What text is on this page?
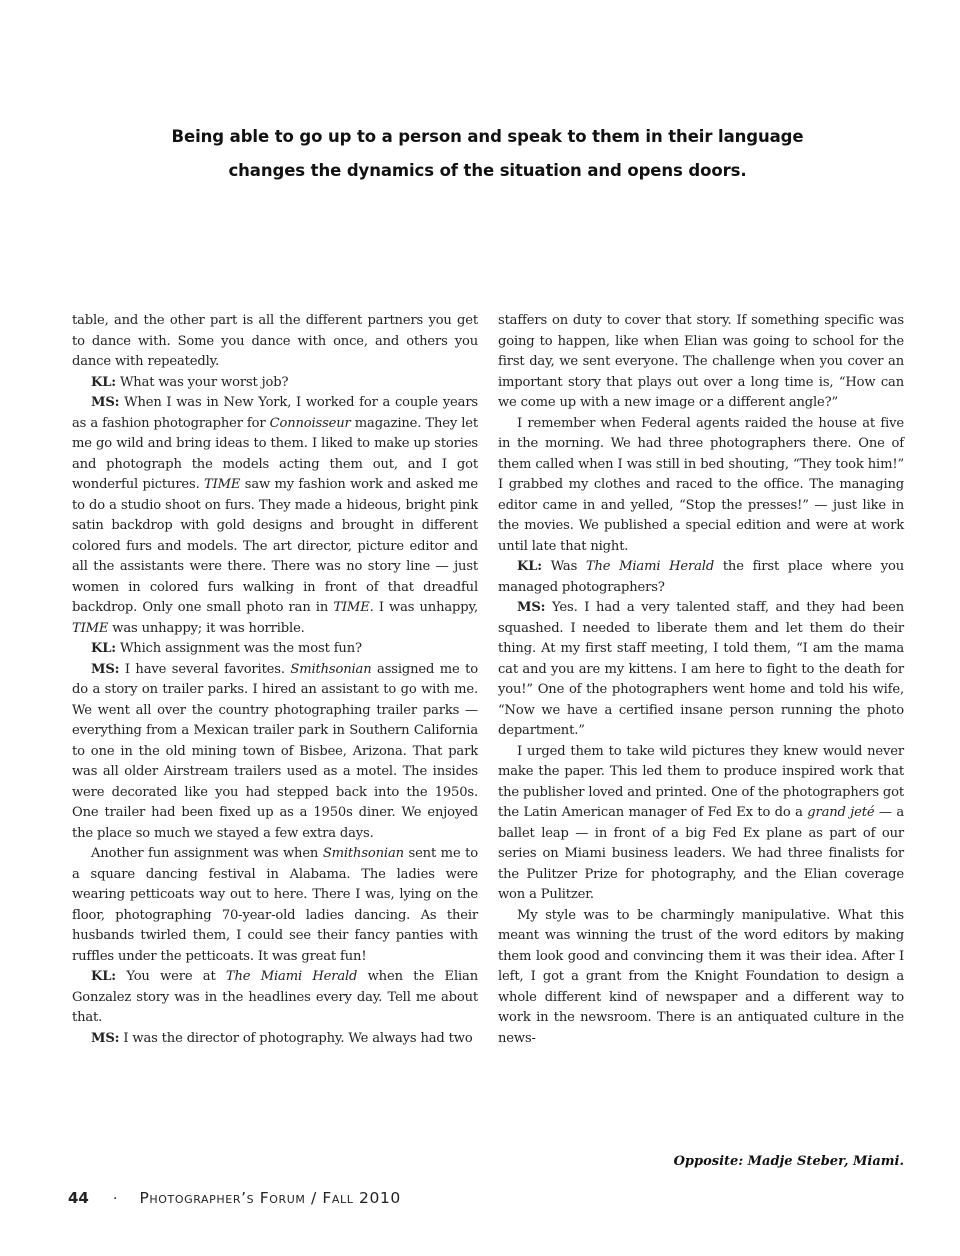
Being able to go up to a person and speak to them in their language
changes the dynamics of the situation and opens doors.

table, and the other part is all the different partners you get to dance with. Some you dance with once, and others you dance with repeatedly.

KL: What was your worst job?

MS: When I was in New York, I worked for a couple years as a fashion photographer for Connoisseur magazine. They let me go wild and bring ideas to them. I liked to make up stories and photograph the models acting them out, and I got wonderful pictures. TIME saw my fashion work and asked me to do a studio shoot on furs. They made a hideous, bright pink satin backdrop with gold designs and brought in different colored furs and models. The art director, picture editor and all the assistants were there. There was no story line — just women in colored furs walking in front of that dreadful backdrop. Only one small photo ran in TIME. I was unhappy, TIME was unhappy; it was horrible.

KL: Which assignment was the most fun?

MS: I have several favorites. Smithsonian assigned me to do a story on trailer parks. I hired an assistant to go with me. We went all over the country photographing trailer parks — everything from a Mexican trailer park in Southern California to one in the old mining town of Bisbee, Arizona. That park was all older Airstream trailers used as a motel. The insides were decorated like you had stepped back into the 1950s. One trailer had been fixed up as a 1950s diner. We enjoyed the place so much we stayed a few extra days.

Another fun assignment was when Smithsonian sent me to a square dancing festival in Alabama. The ladies were wearing petticoats way out to here. There I was, lying on the floor, photographing 70-year-old ladies dancing. As their husbands twirled them, I could see their fancy panties with ruffles under the petticoats. It was great fun!

KL: You were at The Miami Herald when the Elian Gonzalez story was in the headlines every day. Tell me about that.

MS: I was the director of photography. We always had two

staffers on duty to cover that story. If something specific was going to happen, like when Elian was going to school for the first day, we sent everyone. The challenge when you cover an important story that plays out over a long time is, “How can we come up with a new image or a different angle?”

I remember when Federal agents raided the house at five in the morning. We had three photographers there. One of them called when I was still in bed shouting, “They took him!” I grabbed my clothes and raced to the office. The managing editor came in and yelled, “Stop the presses!” — just like in the movies. We published a special edition and were at work until late that night.

KL: Was The Miami Herald the first place where you managed photographers?

MS: Yes. I had a very talented staff, and they had been squashed. I needed to liberate them and let them do their thing. At my first staff meeting, I told them, “I am the mama cat and you are my kittens. I am here to fight to the death for you!” One of the photographers went home and told his wife, “Now we have a certified insane person running the photo department.”

I urged them to take wild pictures they knew would never make the paper. This led them to produce inspired work that the publisher loved and printed. One of the photographers got the Latin American manager of Fed Ex to do a grand jeté — a ballet leap — in front of a big Fed Ex plane as part of our series on Miami business leaders. We had three finalists for the Pulitzer Prize for photography, and the Elian coverage won a Pulitzer.

My style was to be charmingly manipulative. What this meant was winning the trust of the word editors by making them look good and convincing them it was their idea. After I left, I got a grant from the Knight Foundation to design a whole different kind of newspaper and a different way to work in the newsroom. There is an antiquated culture in the news-

Opposite: Madje Steber, Miami.
44 · Photographer’s Forum / Fall 2010
